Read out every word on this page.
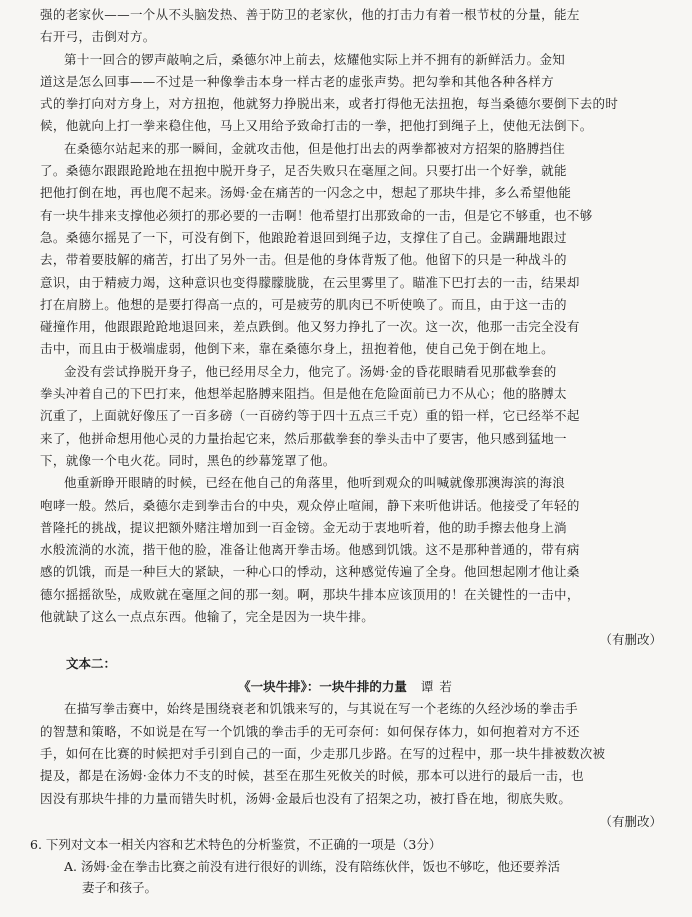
强的老家伙——一个从不头脑发热、善于防卫的老家伙，他的打击力有着一根节杖的分量，能左
右开弓，击倒对方。
第十一回合的锣声敲响之后，桑德尔冲上前去，炫耀他实际上并不拥有的新鲜活力。金知
道这是怎么回事——不过是一种像拳击本身一样古老的虚张声势。把勾拳和其他各种各样方
式的拳打向对方身上，对方扭抱，他就努力挣脱出来，或者打得他无法扭抱，每当桑德尔要倒下去的时
候，他就向上打一拳来稳住他，马上又用给予致命打击的一拳，把他打到绳子上，使他无法倒下。
在桑德尔站起来的那一瞬间，金就攻击他，但是他打出去的两拳都被对方招架的胳膊挡住
了。桑德尔跟跟跄跄地在扭抱中脱开身子，足否失败只在毫厘之间。只要打出一个好拳，就能
把他打倒在地，再也爬不起来。汤姆·金在痛苦的一闪念之中，想起了那块牛排，多么希望他能
有一块牛排来支撑他必须打的那必要的一击啊！他希望打出那致命的一击，但是它不够重，也不够
急。桑德尔摇晃了一下，可没有倒下，他踉跄着退回到绳子边，支撑住了自己。金蹒跚地跟过
去，带着要肢解的痛苦，打出了另外一击。但是他的身体背叛了他。他留下的只是一种战斗的
意识，由于精疲力竭，这种意识也变得朦朦胧胧，在云里雾里了。瞄准下巴打去的一击，结果却
打在肩膀上。他想的是要打得高一点的，可是疲劳的肌肉已不听使唤了。而且，由于这一击的
碰撞作用，他跟跟跄跄地退回来，差点跌倒。他又努力挣扎了一次。这一次，他那一击完全没有
击中，而且由于极端虚弱，他倒下来，靠在桑德尔身上，扭抱着他，使自己免于倒在地上。
金没有尝试挣脱开身子，他已经用尽全力，他完了。汤姆·金的昏花眼睛看见那截拳套的
拳头冲着自己的下巴打来，他想举起胳膊来阻挡。但是他在危险面前已力不从心；他的胳膊太
沉重了，上面就好像压了一百多磅（一百磅约等于四十五点三千克）重的铅一样，它已经举不起
来了，他拼命想用他心灵的力量抬起它来，然后那截拳套的拳头击中了要害，他只感到猛地一
下，就像一个电火花。同时，黑色的纱幕笼罩了他。
他重新睁开眼睛的时候，已经在他自己的角落里，他听到观众的叫喊就像那澳海滨的海浪
咆哮一般。然后，桑德尔走到拳击台的中央，观众停止喧闹，静下来听他讲话。他接受了年轻的
普隆托的挑战，提议把额外赌注增加到一百金镑。金无动于衷地听着，他的助手擦去他身上淌
水般流淌的水流，揩干他的脸，准备让他离开拳击场。他感到饥饿。这不是那种普通的，带有病
感的饥饿，而是一种巨大的紧缺，一种心口的悸动，这种感觉传遍了全身。他回想起刚才他让桑
德尔摇摇欲坠，成败就在毫厘之间的那一刻。啊，那块牛排本应该顶用的！在关键性的一击中，
他就缺了这么一点点东西。他输了，完全是因为一块牛排。
（有删改）
文本二：
《一块牛排》：一块牛排的力量 谭若
在描写拳击赛中，始终是围绕衰老和饥饿来写的，与其说在写一个老练的久经沙场的拳击手
的智慧和策略，不如说是在写一个饥饿的拳击手的无可奈何：如何保存体力，如何抱着对方不还
手，如何在比赛的时候把对手引到自己的一面，少走那几步路。在写的过程中，那一块牛排被数次被
提及，都是在汤姆·金体力不支的时候，甚至在那生死攸关的时候，那本可以进行的最后一击，也
因没有那块牛排的力量而错失时机，汤姆·金最后也没有了招架之功，被打昏在地，彻底失败。
（有删改）
6. 下列对文本一相关内容和艺术特色的分析鉴赏，不正确的一项是（3分）
A. 汤姆·金在拳击比赛之前没有进行很好的训练，没有陪练伙伴，饭也不够吃，他还要养活
妻子和孩子。
